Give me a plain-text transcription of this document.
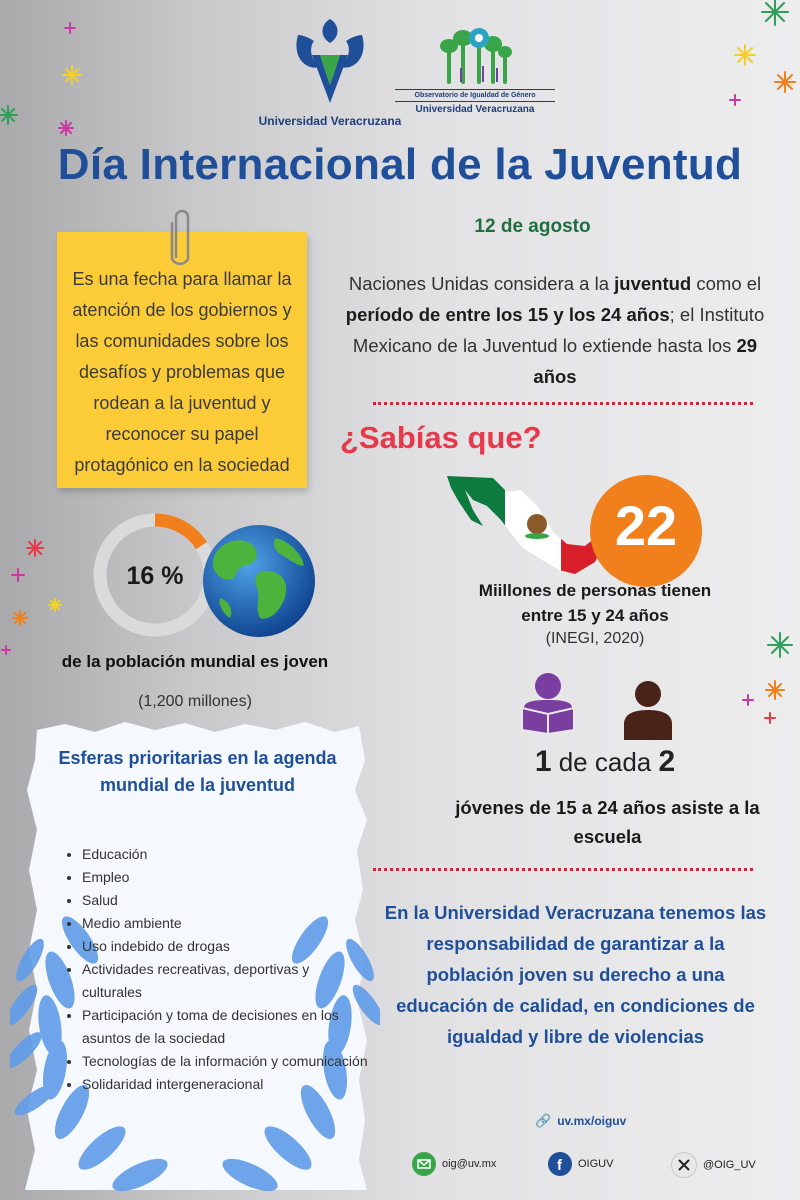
Universidad Veracruzana
Observatorio de Igualdad de Género
Universidad Veracruzana
Día Internacional de la Juventud
12 de agosto
Es una fecha para llamar la atención de los gobiernos y las comunidades sobre los desafíos y problemas que rodean a la juventud y reconocer su papel protagónico en la sociedad
Naciones Unidas considera a la juventud como el período de entre los 15 y los 24 años; el Instituto Mexicano de la Juventud lo extiende hasta los 29 años
¿Sabías que?
16 %
de la población mundial es joven
(1,200 millones)
22
Miillones de personas tienen entre 15 y 24 años
(INEGI, 2020)
1 de cada 2
jóvenes de 15 a 24 años asiste a la escuela
Esferas prioritarias en la agenda mundial de la juventud
• Educación
• Empleo
• Salud
• Medio ambiente
• Uso indebido de drogas
• Actividades recreativas, deportivas y culturales
• Participación y toma de decisiones en los asuntos de la sociedad
• Tecnologías de la información y comunicación
• Solidaridad intergeneracional
En la Universidad Veracruzana tenemos las responsabilidad de garantizar a la población joven su derecho a una educación de calidad, en condiciones de igualdad y libre de violencias
🔗 uv.mx/oiguv
oig@uv.mx	f OIGUV	@OIG_UV
